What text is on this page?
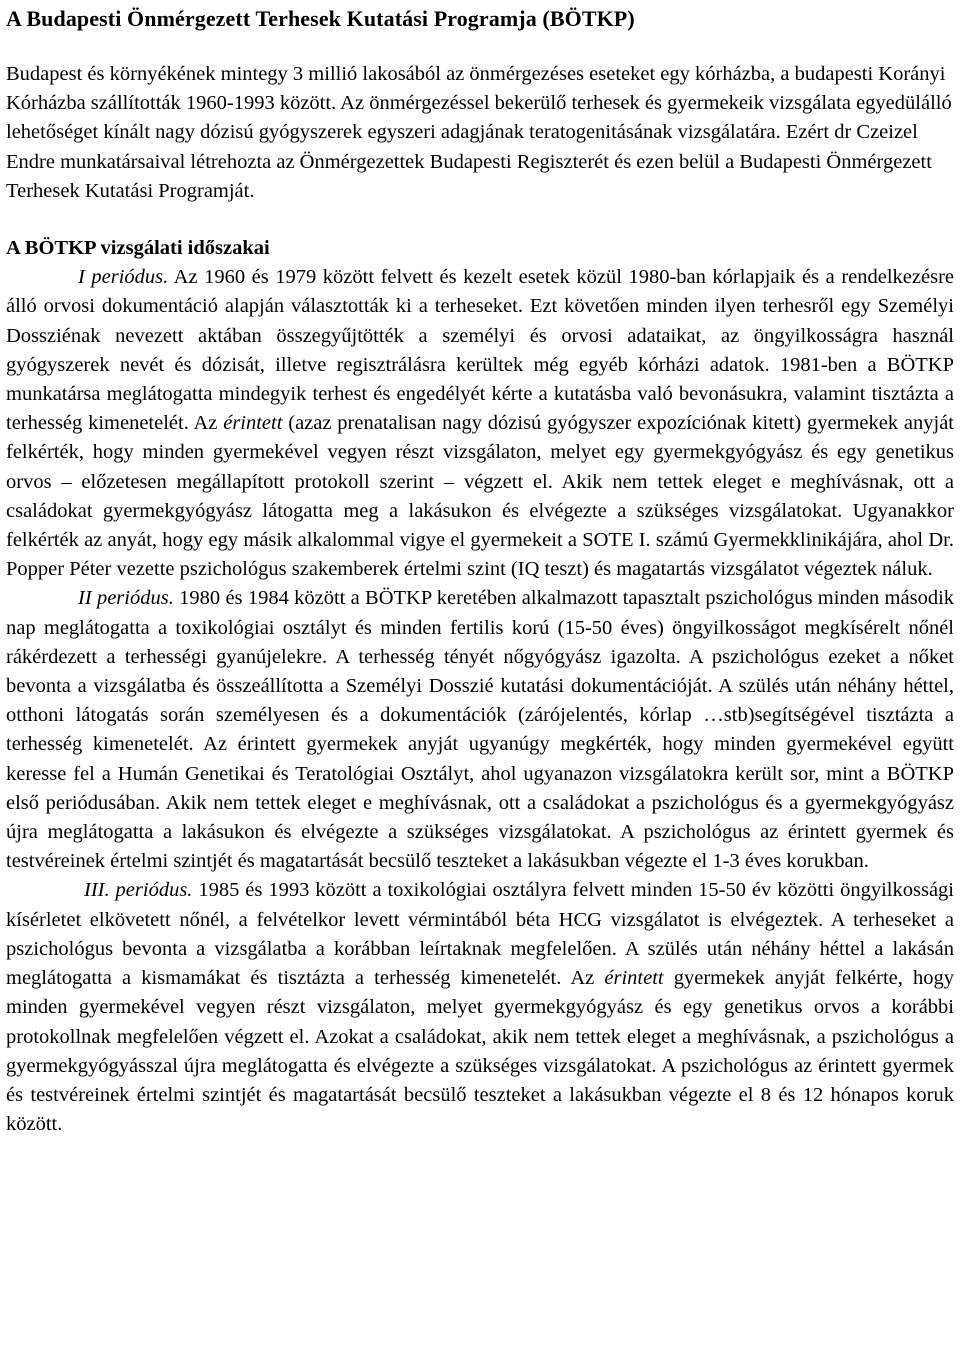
A Budapesti Önmérgezett Terhesek Kutatási Programja (BÖTKP)

Budapest és környékének mintegy 3 millió lakosából az önmérgezéses eseteket egy kórházba, a budapesti Korányi Kórházba szállították 1960-1993 között. Az önmérgezéssel bekerülő terhesek és gyermekeik vizsgálata egyedülálló lehetőséget kínált nagy dózisú gyógyszerek egyszeri adagjának teratogenitásának vizsgálatára. Ezért dr Czeizel Endre munkatársaival létrehozta az Önmérgezettek Budapesti Regiszterét és ezen belül a Budapesti Önmérgezett Terhesek Kutatási Programját.

A BÖTKP vizsgálati időszakai

I periódus. Az 1960 és 1979 között felvett és kezelt esetek közül 1980-ban kórlapjaik és a rendelkezésre álló orvosi dokumentáció alapján választották ki a terheseket. Ezt követően minden ilyen terhesről egy Személyi Dossziénak nevezett aktában összegyűjtötték a személyi és orvosi adataikat, az öngyilkosságra használ gyógyszerek nevét és dózisát, illetve regisztrálásra kerültek még egyéb kórházi adatok. 1981-ben a BÖTKP munkatársa meglátogatta mindegyik terhest és engedélyét kérte a kutatásba való bevonásukra, valamint tisztázta a terhesség kimenetelét. Az érintett (azaz prenatalisan nagy dózisú gyógyszer expozíciónak kitett) gyermekek anyját felkérték, hogy minden gyermekével vegyen részt vizsgálaton, melyet egy gyermekgyógyász és egy genetikus orvos – előzetesen megállapított protokoll szerint – végzett el. Akik nem tettek eleget e meghívásnak, ott a családokat gyermekgyógyász látogatta meg a lakásukon és elvégezte a szükséges vizsgálatokat. Ugyanakkor felkérték az anyát, hogy egy másik alkalommal vigye el gyermekeit a SOTE I. számú Gyermekklinikájára, ahol Dr. Popper Péter vezette pszichológus szakemberek értelmi szint (IQ teszt) és magatartás vizsgálatot végeztek náluk.

II periódus. 1980 és 1984 között a BÖTKP keretében alkalmazott tapasztalt pszichológus minden második nap meglátogatta a toxikológiai osztályt és minden fertilis korú (15-50 éves) öngyilkosságot megkísérelt nőnél rákérdezett a terhességi gyanújelekre. A terhesség tényét nőgyógyász igazolta. A pszichológus ezeket a nőket bevonta a vizsgálatba és összeállította a Személyi Dosszié kutatási dokumentációját. A szülés után néhány héttel, otthoni látogatás során személyesen és a dokumentációk (zárójelentés, kórlap …stb)segítségével tisztázta a terhesség kimenetelét. Az érintett gyermekek anyját ugyanúgy megkérték, hogy minden gyermekével együtt keresse fel a Humán Genetikai és Teratológiai Osztályt, ahol ugyanazon vizsgálatokra került sor, mint a BÖTKP első periódusában. Akik nem tettek eleget e meghívásnak, ott a családokat a pszichológus és a gyermekgyógyász újra meglátogatta a lakásukon és elvégezte a szükséges vizsgálatokat. A pszichológus az érintett gyermek és testvéreinek értelmi szintjét és magatartását becsülő teszteket a lakásukban végezte el 1-3 éves korukban.

III. periódus. 1985 és 1993 között a toxikológiai osztályra felvett minden 15-50 év közötti öngyilkossági kísérletet elkövetett nőnél, a felvételkor levett vérmintából béta HCG vizsgálatot is elvégeztek. A terheseket a pszichológus bevonta a vizsgálatba a korábban leírtaknak megfelelően. A szülés után néhány héttel a lakásán meglátogatta a kismamákat és tisztázta a terhesség kimenetelét. Az érintett gyermekek anyját felkérte, hogy minden gyermekével vegyen részt vizsgálaton, melyet gyermekgyógyász és egy genetikus orvos a korábbi protokollnak megfelelően végzett el. Azokat a családokat, akik nem tettek eleget a meghívásnak, a pszichológus a gyermekgyógyásszal újra meglátogatta és elvégezte a szükséges vizsgálatokat. A pszichológus az érintett gyermek és testvéreinek értelmi szintjét és magatartását becsülő teszteket a lakásukban végezte el 8 és 12 hónapos koruk között.
